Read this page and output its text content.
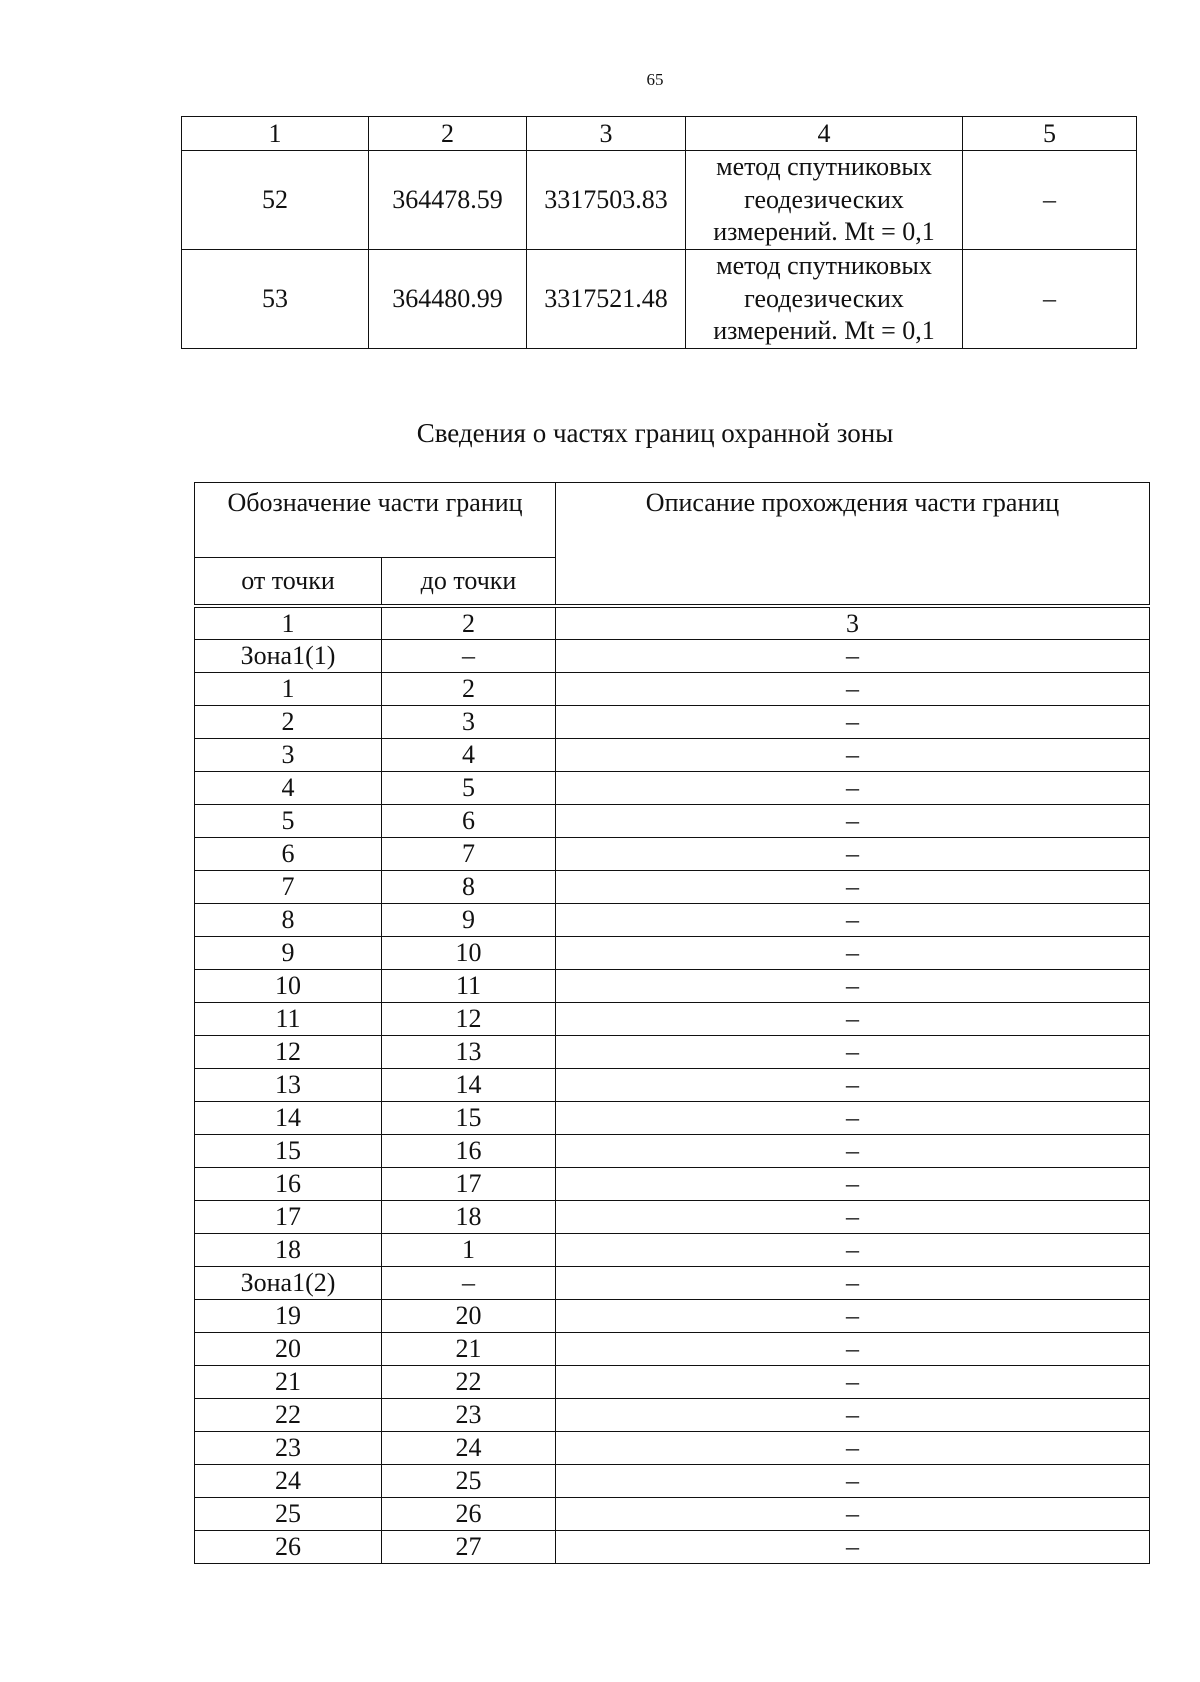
65
1	2	3	4	5
52	364478.59	3317503.83	метод спутниковых
геодезических
измерений. Mt = 0,1	–
53	364480.99	3317521.48	метод спутниковых
геодезических
измерений. Mt = 0,1	–
Сведения о частях границ охранной зоны
Обозначение части границ		Описание прохождения части границ
от точки	до точки	

1	2	3
Зона1(1)	–	–
1	2	–
2	3	–
3	4	–
4	5	–
5	6	–
6	7	–
7	8	–
8	9	–
9	10	–
10	11	–
11	12	–
12	13	–
13	14	–
14	15	–
15	16	–
16	17	–
17	18	–
18	1	–
Зона1(2)	–	–
19	20	–
20	21	–
21	22	–
22	23	–
23	24	–
24	25	–
25	26	–
26	27	–
